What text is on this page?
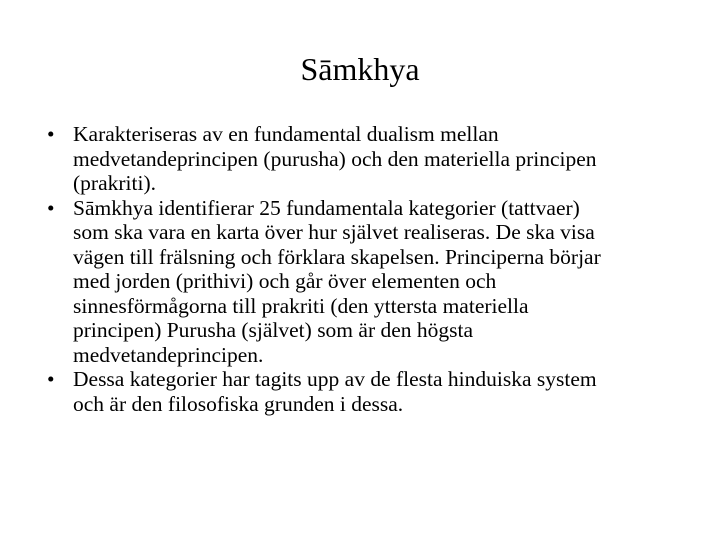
Sāmkhya
• Karakteriseras av en fundamental dualism mellan
medvetandeprincipen (purusha) och den materiella principen
(prakriti).
• Sāmkhya identifierar 25 fundamentala kategorier (tattvaer)
som ska vara en karta över hur självet realiseras. De ska visa
vägen till frälsning och förklara skapelsen. Principerna börjar
med jorden (prithivi) och går över elementen och
sinnesförmågorna till prakriti (den yttersta materiella
principen) Purusha (självet) som är den högsta
medvetandeprincipen.
• Dessa kategorier har tagits upp av de flesta hinduiska system
och är den filosofiska grunden i dessa.
